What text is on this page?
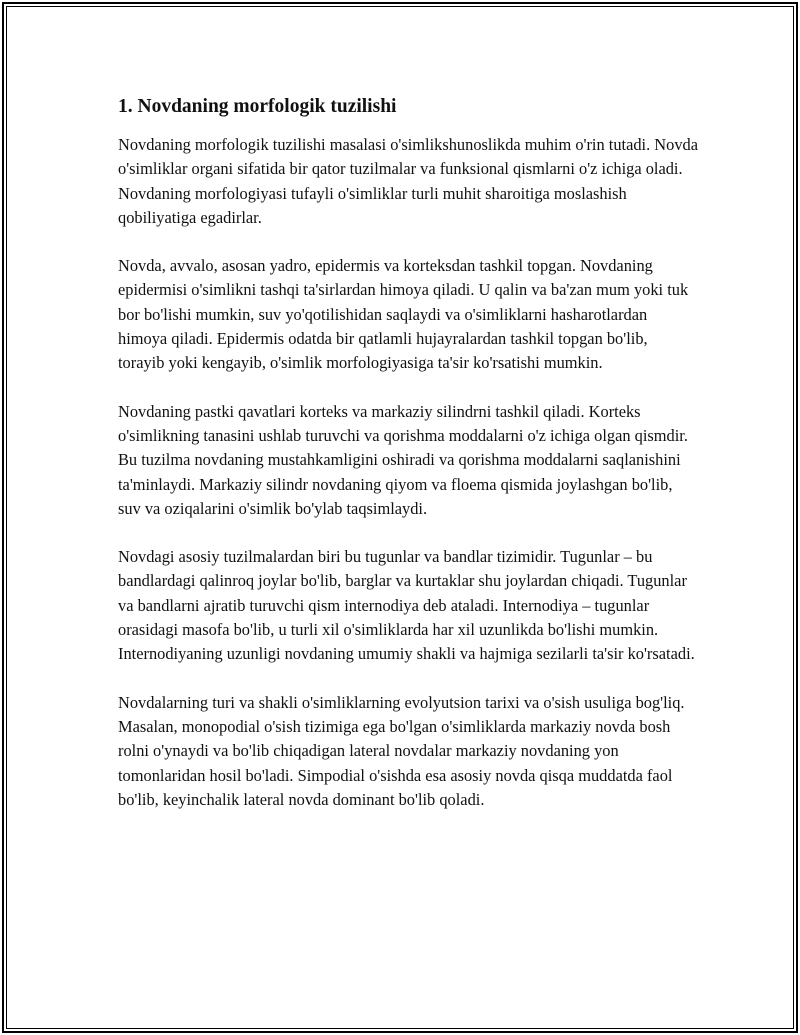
1. Novdaning morfologik tuzilishi

Novdaning morfologik tuzilishi masalasi o'simlikshunoslikda muhim o'rin tutadi. Novda o'simliklar organi sifatida bir qator tuzilmalar va funksional qismlarni o'z ichiga oladi. Novdaning morfologiyasi tufayli o'simliklar turli muhit sharoitiga moslashish qobiliyatiga egadirlar.

Novda, avvalo, asosan yadro, epidermis va korteksdan tashkil topgan. Novdaning epidermisi o'simlikni tashqi ta'sirlardan himoya qiladi. U qalin va ba'zan mum yoki tuk bor bo'lishi mumkin, suv yo'qotilishidan saqlaydi va o'simliklarni hasharotlardan himoya qiladi. Epidermis odatda bir qatlamli hujayralardan tashkil topgan bo'lib, torayib yoki kengayib, o'simlik morfologiyasiga ta'sir ko'rsatishi mumkin.

Novdaning pastki qavatlari korteks va markaziy silindrni tashkil qiladi. Korteks o'simlikning tanasini ushlab turuvchi va qorishma moddalarni o'z ichiga olgan qismdir. Bu tuzilma novdaning mustahkamligini oshiradi va qorishma moddalarni saqlanishini ta'minlaydi. Markaziy silindr novdaning qiyom va floema qismida joylashgan bo'lib, suv va oziqalarini o'simlik bo'ylab taqsimlaydi.

Novdagi asosiy tuzilmalardan biri bu tugunlar va bandlar tizimidir. Tugunlar – bu bandlardagi qalinroq joylar bo'lib, barglar va kurtaklar shu joylardan chiqadi. Tugunlar va bandlarni ajratib turuvchi qism internodiya deb ataladi. Internodiya – tugunlar orasidagi masofa bo'lib, u turli xil o'simliklarda har xil uzunlikda bo'lishi mumkin. Internodiyaning uzunligi novdaning umumiy shakli va hajmiga sezilarli ta'sir ko'rsatadi.

Novdalarning turi va shakli o'simliklarning evolyutsion tarixi va o'sish usuliga bog'liq. Masalan, monopodial o'sish tizimiga ega bo'lgan o'simliklarda markaziy novda bosh rolni o'ynaydi va bo'lib chiqadigan lateral novdalar markaziy novdaning yon tomonlaridan hosil bo'ladi. Simpodial o'sishda esa asosiy novda qisqa muddatda faol bo'lib, keyinchalik lateral novda dominant bo'lib qoladi.
